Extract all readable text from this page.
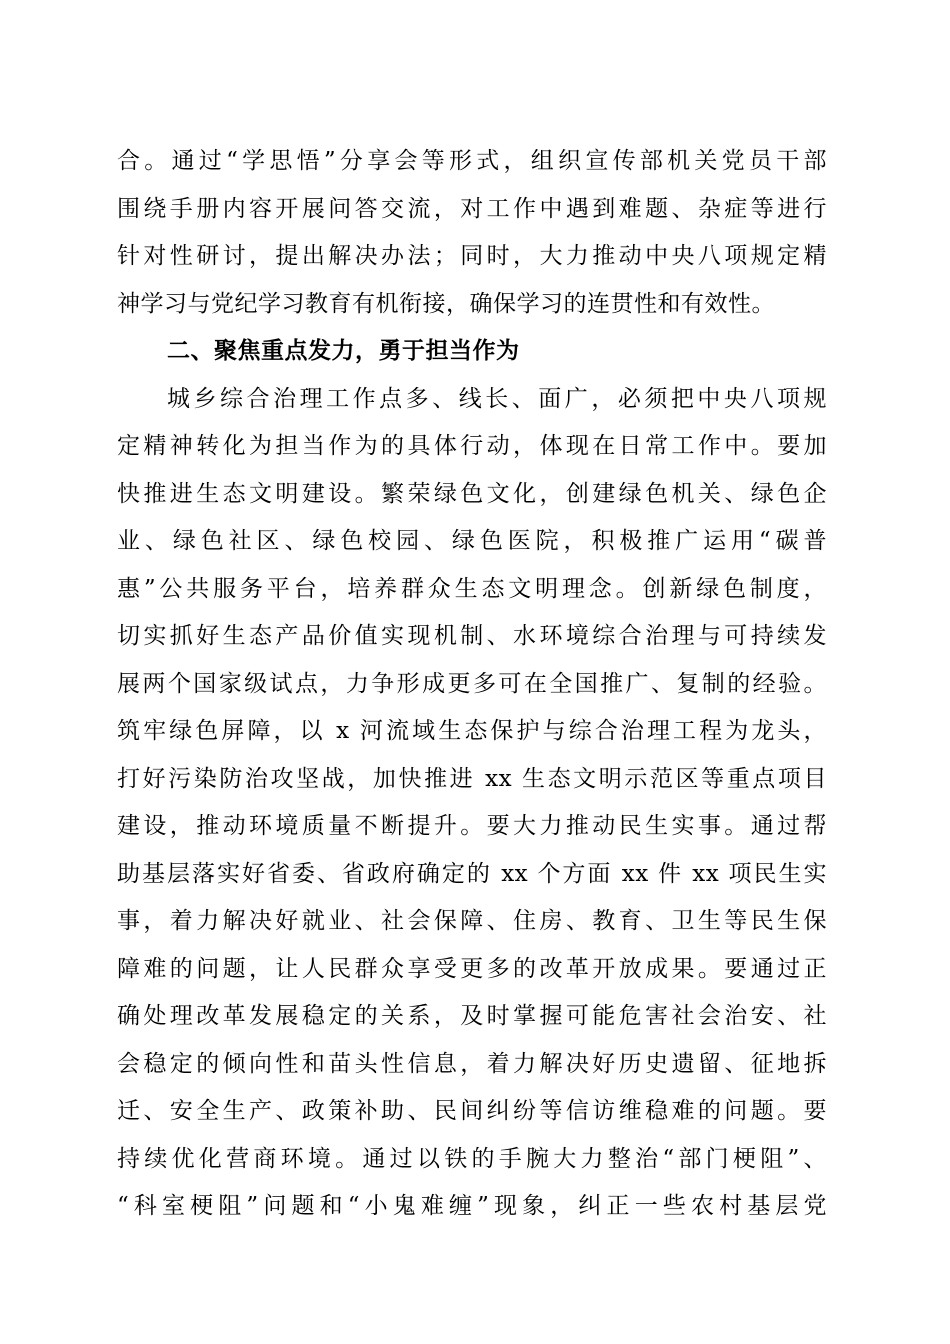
合。通过“学思悟”分享会等形式，组织宣传部机关党员干部
围绕手册内容开展问答交流，对工作中遇到难题、杂症等进行
针对性研讨，提出解决办法；同时，大力推动中央八项规定精
神学习与党纪学习教育有机衔接，确保学习的连贯性和有效性。
二、聚焦重点发力，勇于担当作为
城乡综合治理工作点多、线长、面广，必须把中央八项规
定精神转化为担当作为的具体行动，体现在日常工作中。要加
快推进生态文明建设。繁荣绿色文化，创建绿色机关、绿色企
业、绿色社区、绿色校园、绿色医院，积极推广运用“碳普
惠”公共服务平台，培养群众生态文明理念。创新绿色制度，
切实抓好生态产品价值实现机制、水环境综合治理与可持续发
展两个国家级试点，力争形成更多可在全国推广、复制的经验。
筑牢绿色屏障，以 x 河流域生态保护与综合治理工程为龙头，
打好污染防治攻坚战，加快推进 xx 生态文明示范区等重点项目
建设，推动环境质量不断提升。要大力推动民生实事。通过帮
助基层落实好省委、省政府确定的 xx 个方面 xx 件 xx 项民生实
事，着力解决好就业、社会保障、住房、教育、卫生等民生保
障难的问题，让人民群众享受更多的改革开放成果。要通过正
确处理改革发展稳定的关系，及时掌握可能危害社会治安、社
会稳定的倾向性和苗头性信息，着力解决好历史遗留、征地拆
迁、安全生产、政策补助、民间纠纷等信访维稳难的问题。要
持续优化营商环境。通过以铁的手腕大力整治“部门梗阻”、
“科室梗阻”问题和“小鬼难缠”现象，纠正一些农村基层党
